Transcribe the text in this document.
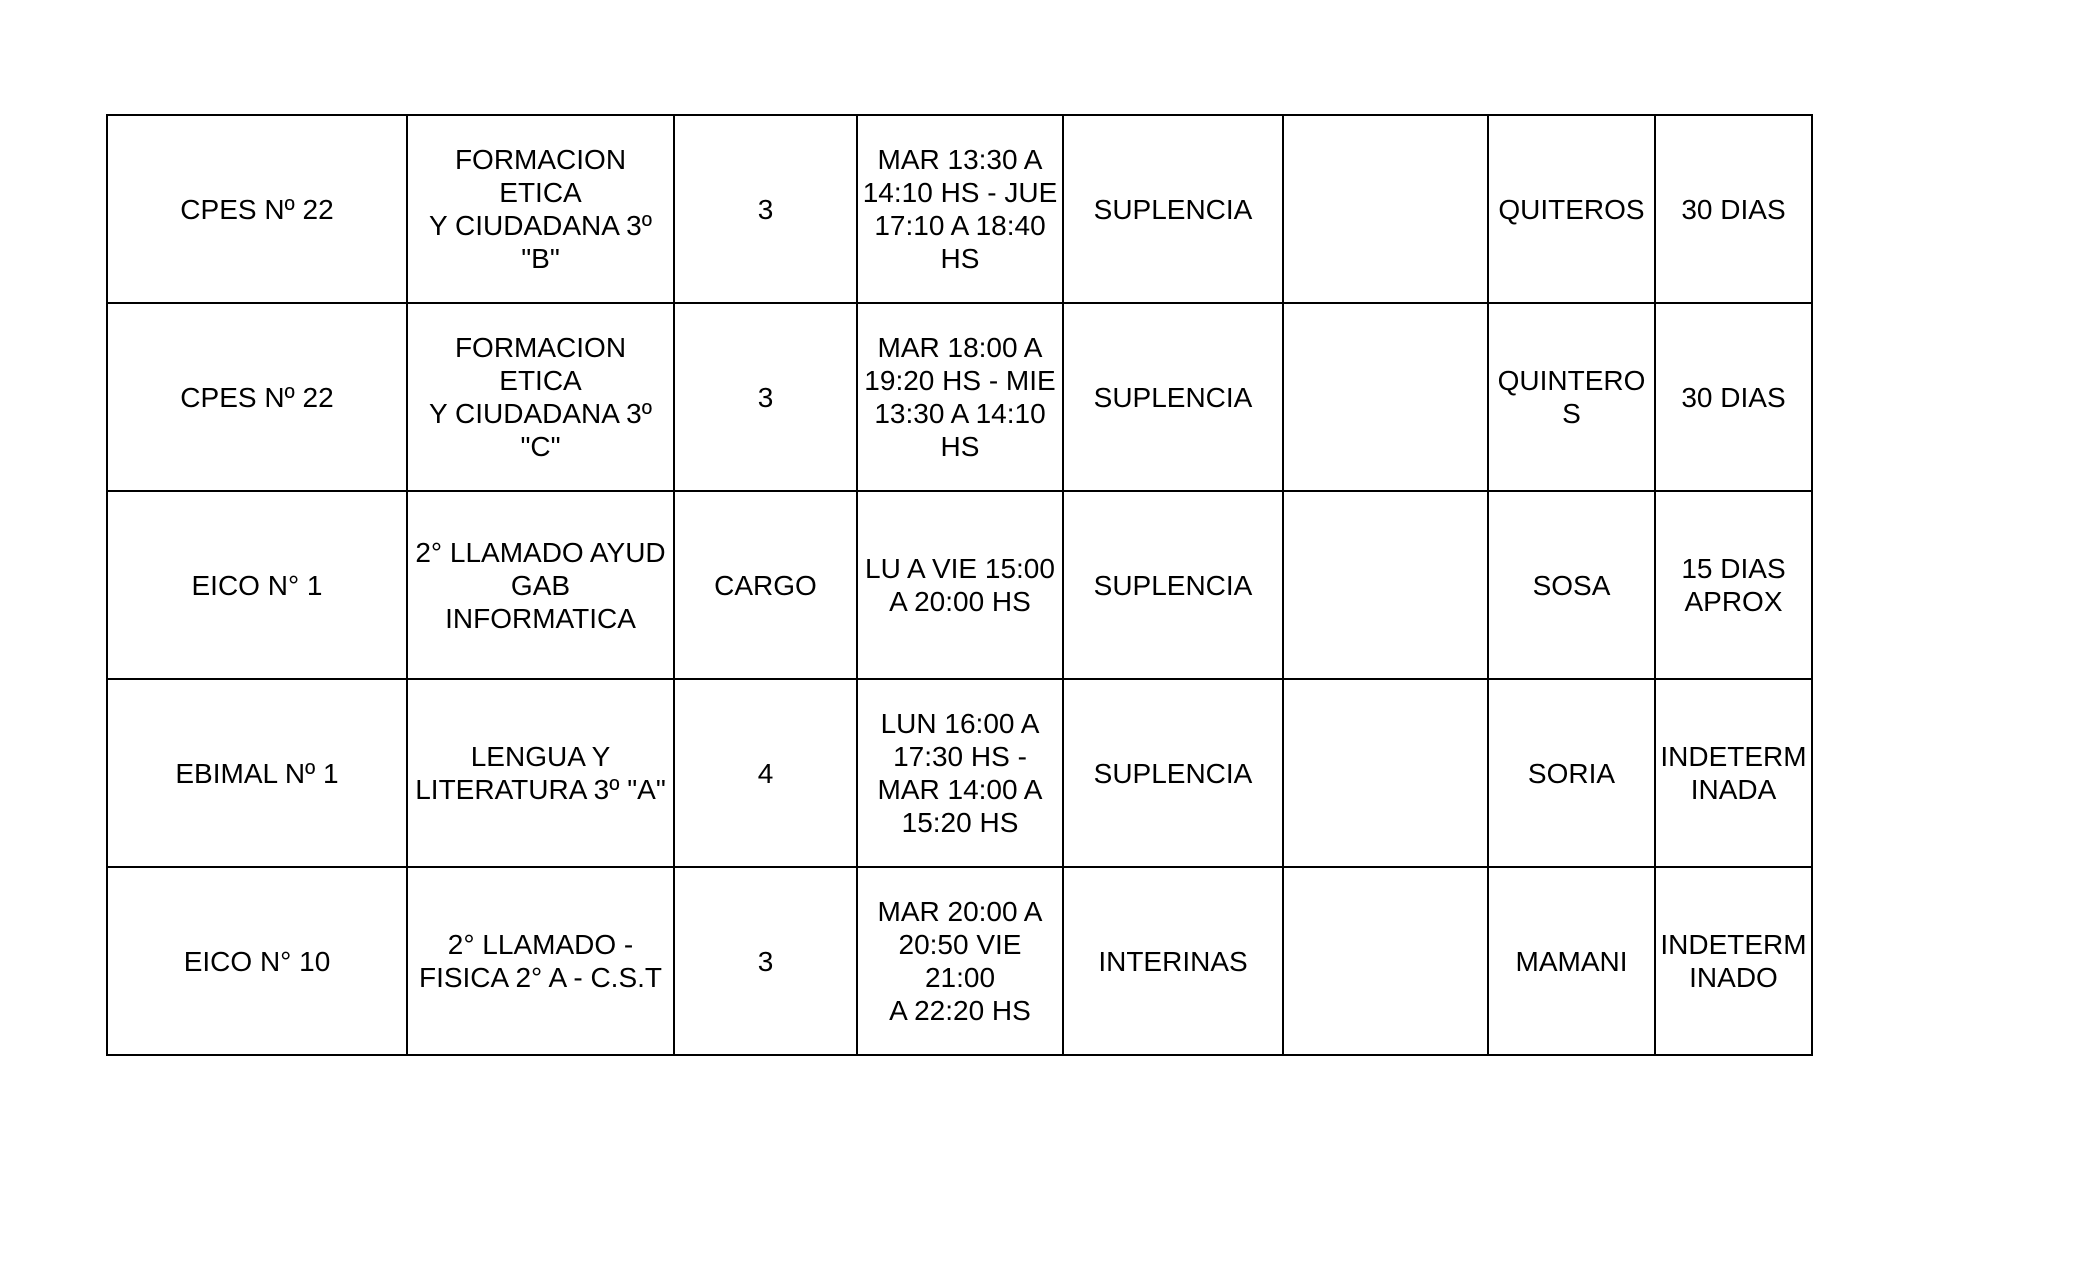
CPES Nº 22	FORMACION ETICA
Y CIUDADANA 3º
"B"	3	MAR 13:30 A
14:10 HS - JUE
17:10 A 18:40
HS	SUPLENCIA		QUITEROS	30 DIAS
CPES Nº 22	FORMACION ETICA
Y CIUDADANA 3º
"C"	3	MAR 18:00 A
19:20 HS - MIE
13:30 A 14:10
HS	SUPLENCIA		QUINTERO
S	30 DIAS
EICO N° 1	2° LLAMADO AYUD
GAB INFORMATICA	CARGO	LU A VIE 15:00
A 20:00 HS	SUPLENCIA		SOSA	15 DIAS
APROX
EBIMAL Nº 1	LENGUA Y
LITERATURA 3º "A"	4	LUN 16:00 A
17:30 HS -
MAR 14:00 A
15:20 HS	SUPLENCIA		SORIA	INDETERM
INADA
EICO N° 10	2° LLAMADO -
FISICA 2° A - C.S.T	3	MAR 20:00 A
20:50 VIE 21:00
A 22:20 HS	INTERINAS		MAMANI	INDETERM
INADO
